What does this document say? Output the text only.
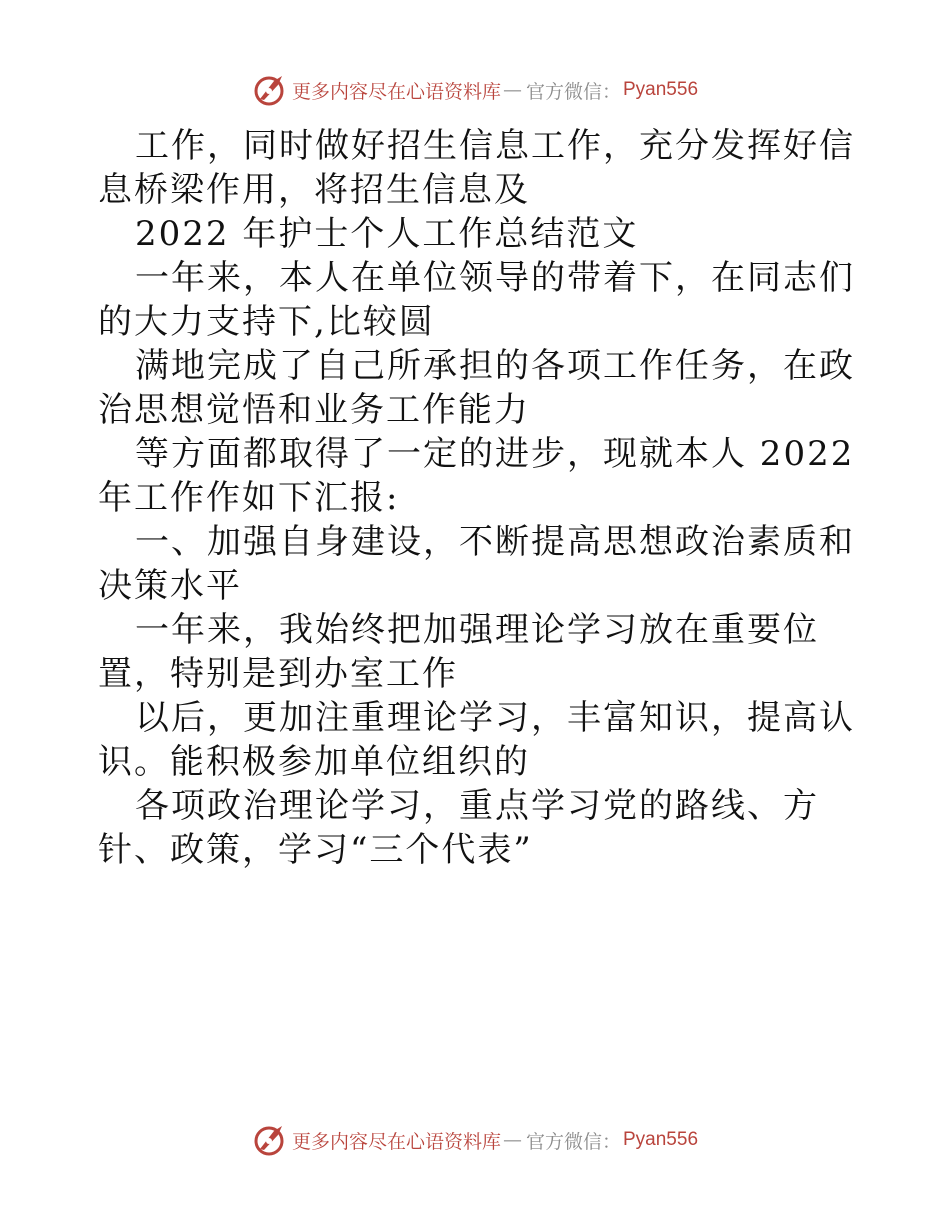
更多内容尽在心语资料库 — 官方微信： Pyan556

工作，同时做好招生信息工作，充分发挥好信息桥梁作用，将招生信息及

2022 年护士个人工作总结范文

一年来，本人在单位领导的带着下，在同志们的大力支持下,比较圆

满地完成了自己所承担的各项工作任务，在政治思想觉悟和业务工作能力

等方面都取得了一定的进步，现就本人 2022 年工作作如下汇报:

一、加强自身建设，不断提高思想政治素质和决策水平

一年来，我始终把加强理论学习放在重要位置，特别是到办室工作

以后，更加注重理论学习，丰富知识，提高认识。能积极参加单位组织的

各项政治理论学习，重点学习党的路线、方针、政策，学习“三个代表”

更多内容尽在心语资料库 — 官方微信： Pyan556
